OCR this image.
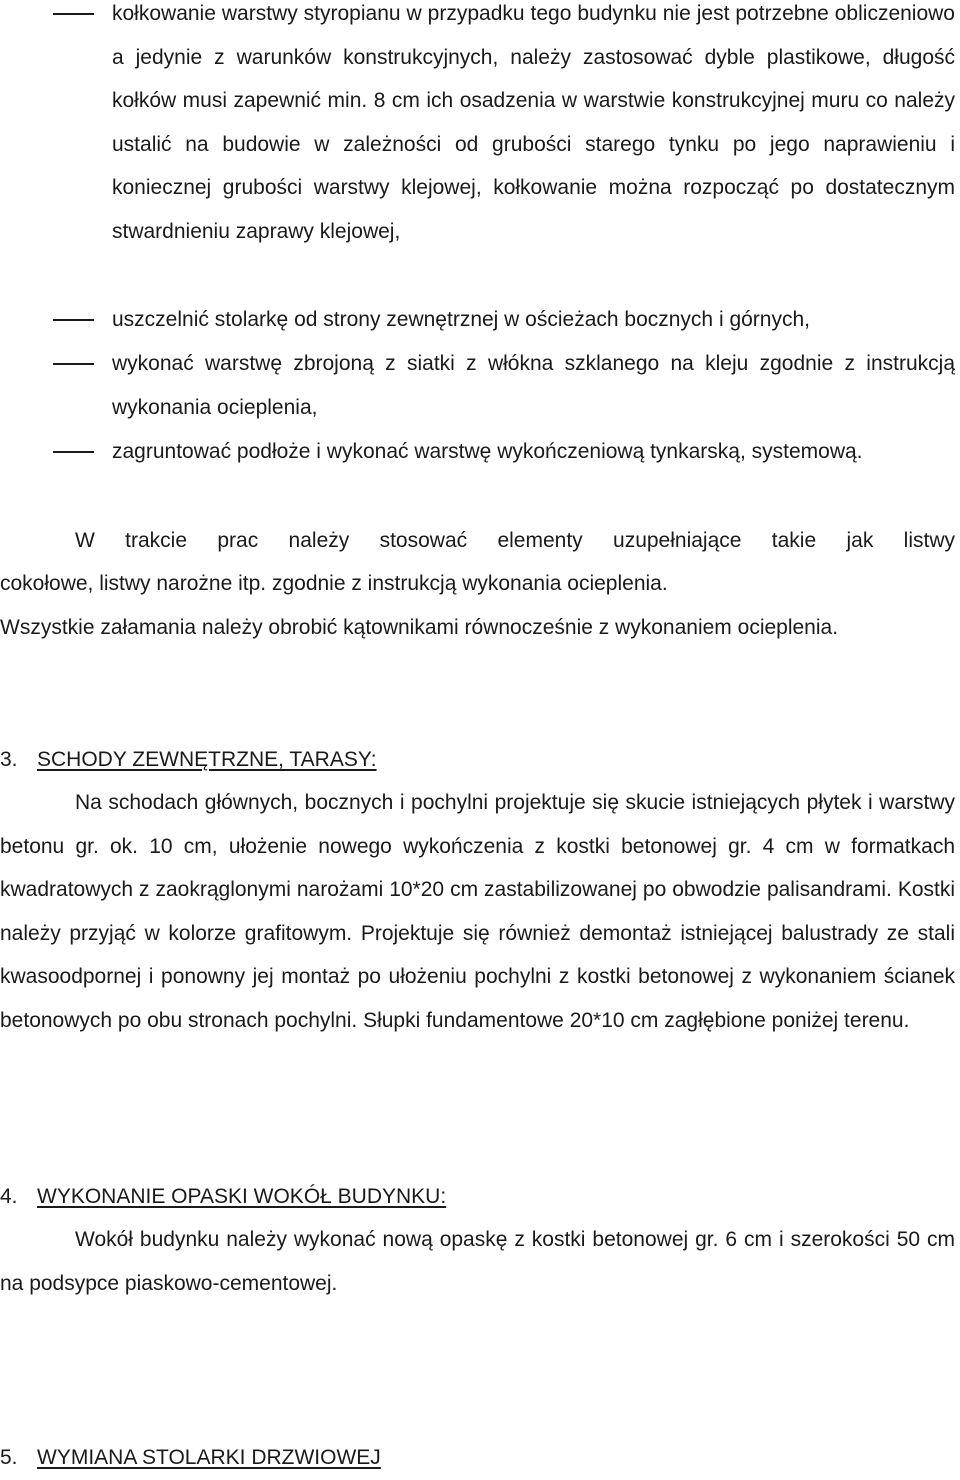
kołkowanie warstwy styropianu w przypadku tego budynku nie jest potrzebne obliczeniowo a jedynie z warunków konstrukcyjnych, należy zastosować dyble plastikowe, długość kołków musi zapewnić min. 8 cm ich osadzenia w warstwie konstrukcyjnej muru co należy ustalić na budowie w zależności od grubości starego tynku po jego naprawieniu i koniecznej grubości warstwy klejowej, kołkowanie można rozpocząć po dostatecznym stwardnieniu zaprawy klejowej,
uszczelnić stolarkę od strony zewnętrznej w ościeżach bocznych i górnych,
wykonać warstwę zbrojoną z siatki z włókna szklanego na kleju zgodnie z instrukcją wykonania ocieplenia,
zagruntować podłoże i wykonać warstwę wykończeniową tynkarską, systemową.
W trakcie prac należy stosować elementy uzupełniające takie jak listwy
cokołowe, listwy narożne itp. zgodnie z instrukcją wykonania ocieplenia.
Wszystkie załamania należy obrobić kątownikami równocześnie z wykonaniem ocieplenia.
3. SCHODY ZEWNĘTRZNE, TARASY:
Na schodach głównych, bocznych i pochylni projektuje się skucie istniejących płytek i warstwy betonu gr. ok. 10 cm, ułożenie nowego wykończenia z kostki betonowej gr. 4 cm w formatkach kwadratowych z zaokrąglonymi narożami 10*20 cm zastabilizowanej po obwodzie palisandrami. Kostki należy przyjąć w kolorze grafitowym. Projektuje się również demontaż istniejącej balustrady ze stali kwasoodpornej i ponowny jej montaż po ułożeniu pochylni z kostki betonowej z wykonaniem ścianek betonowych po obu stronach pochylni. Słupki fundamentowe 20*10 cm zagłębione poniżej terenu.
4. WYKONANIE OPASKI WOKÓŁ BUDYNKU:
Wokół budynku należy wykonać nową opaskę z kostki betonowej gr. 6 cm i szerokości 50 cm na podsypce piaskowo-cementowej.
5. WYMIANA STOLARKI DRZWIOWEJ
